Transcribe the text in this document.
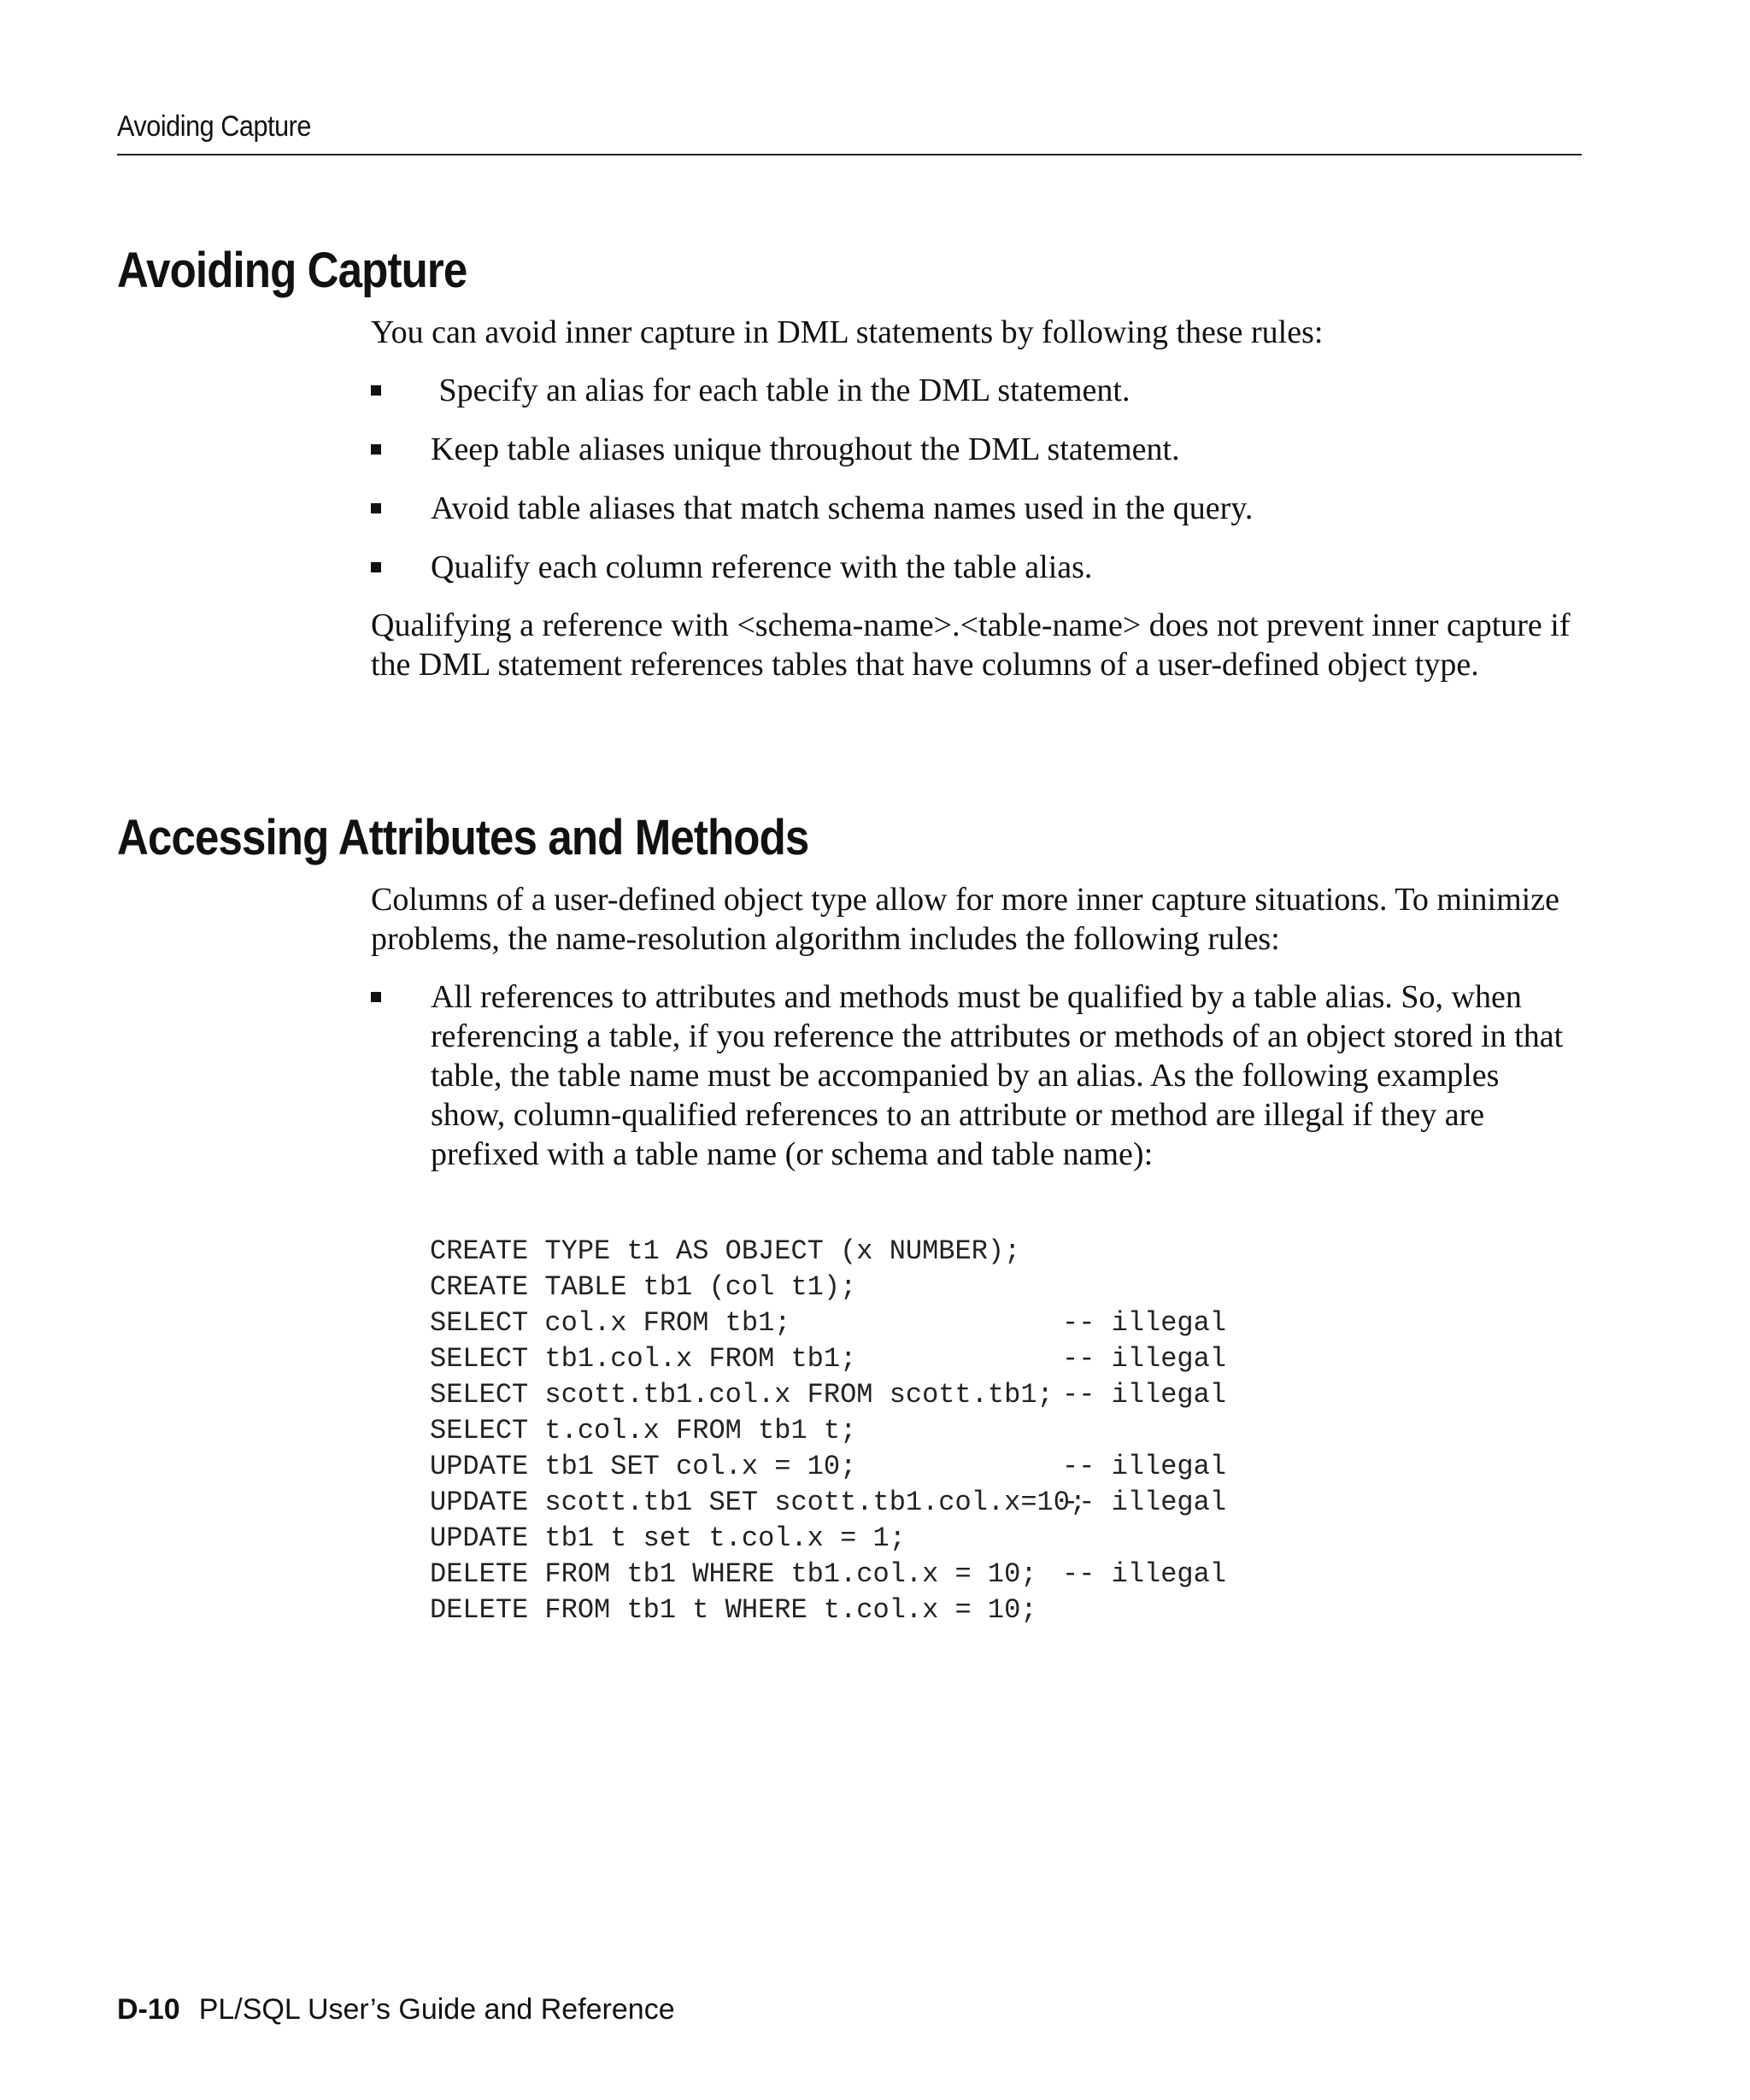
Avoiding Capture
Avoiding Capture

You can avoid inner capture in DML statements by following these rules:

Specify an alias for each table in the DML statement.
Keep table aliases unique throughout the DML statement.
Avoid table aliases that match schema names used in the query.
Qualify each column reference with the table alias.

Qualifying a reference with <schema-name>.<table-name> does not prevent inner capture if the DML statement references tables that have columns of a user-defined object type.

Accessing Attributes and Methods

Columns of a user-defined object type allow for more inner capture situations. To minimize problems, the name-resolution algorithm includes the following rules:

All references to attributes and methods must be qualified by a table alias. So, when referencing a table, if you reference the attributes or methods of an object stored in that table, the table name must be accompanied by an alias. As the following examples show, column-qualified references to an attribute or method are illegal if they are prefixed with a table name (or schema and table name):
CREATE TYPE t1 AS OBJECT (x NUMBER);
CREATE TABLE tb1 (col t1);
SELECT col.x FROM tb1;	-- illegal
SELECT tb1.col.x FROM tb1;	-- illegal
SELECT scott.tb1.col.x FROM scott.tb1; -- illegal
SELECT t.col.x FROM tb1 t;
UPDATE tb1 SET col.x = 10;	-- illegal
UPDATE scott.tb1 SET scott.tb1.col.x=10;-- illegal
UPDATE tb1 t set t.col.x = 1;
DELETE FROM tb1 WHERE tb1.col.x = 10; -- illegal
DELETE FROM tb1 t WHERE t.col.x = 10;
D-10 PL/SQL User’s Guide and Reference
